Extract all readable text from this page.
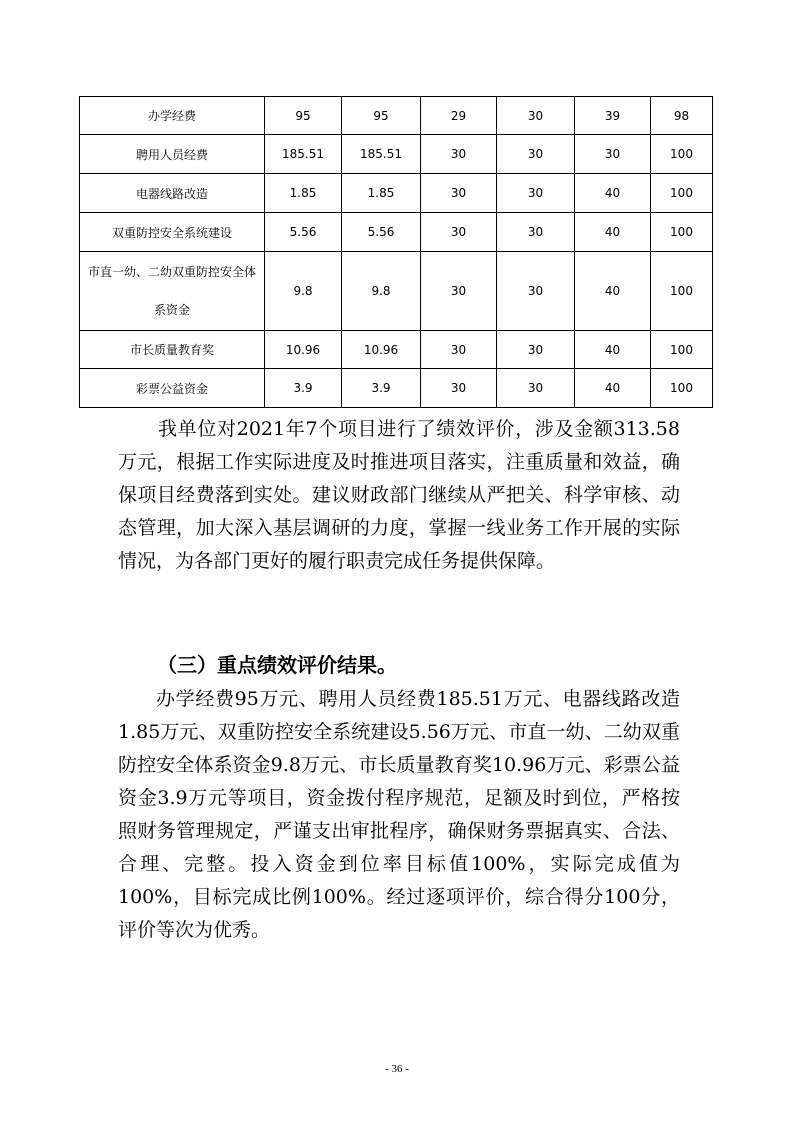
办学经费	95	95	29	30	39	98
聘用人员经费	185.51	185.51	30	30	30	100
电器线路改造	1.85	1.85	30	30	40	100
双重防控安全系统建设	5.56	5.56	30	30	40	100
市直一幼、二幼双重防控安全体系资金	9.8	9.8	30	30	40	100
市长质量教育奖	10.96	10.96	30	30	40	100
彩票公益资金	3.9	3.9	30	30	40	100

我单位对2021年7个项目进行了绩效评价，涉及金额313.58万元，根据工作实际进度及时推进项目落实，注重质量和效益，确保项目经费落到实处。建议财政部门继续从严把关、科学审核、动态管理，加大深入基层调研的力度，掌握一线业务工作开展的实际情况，为各部门更好的履行职责完成任务提供保障。

（三）重点绩效评价结果。

办学经费95万元、聘用人员经费185.51万元、电器线路改造1.85万元、双重防控安全系统建设5.56万元、市直一幼、二幼双重防控安全体系资金9.8万元、市长质量教育奖10.96万元、彩票公益资金3.9万元等项目，资金拨付程序规范，足额及时到位，严格按照财务管理规定，严谨支出审批程序，确保财务票据真实、合法、合理、完整。投入资金到位率目标值100%，实际完成值为100%，目标完成比例100%。经过逐项评价，综合得分100分，评价等次为优秀。

- 36 -
